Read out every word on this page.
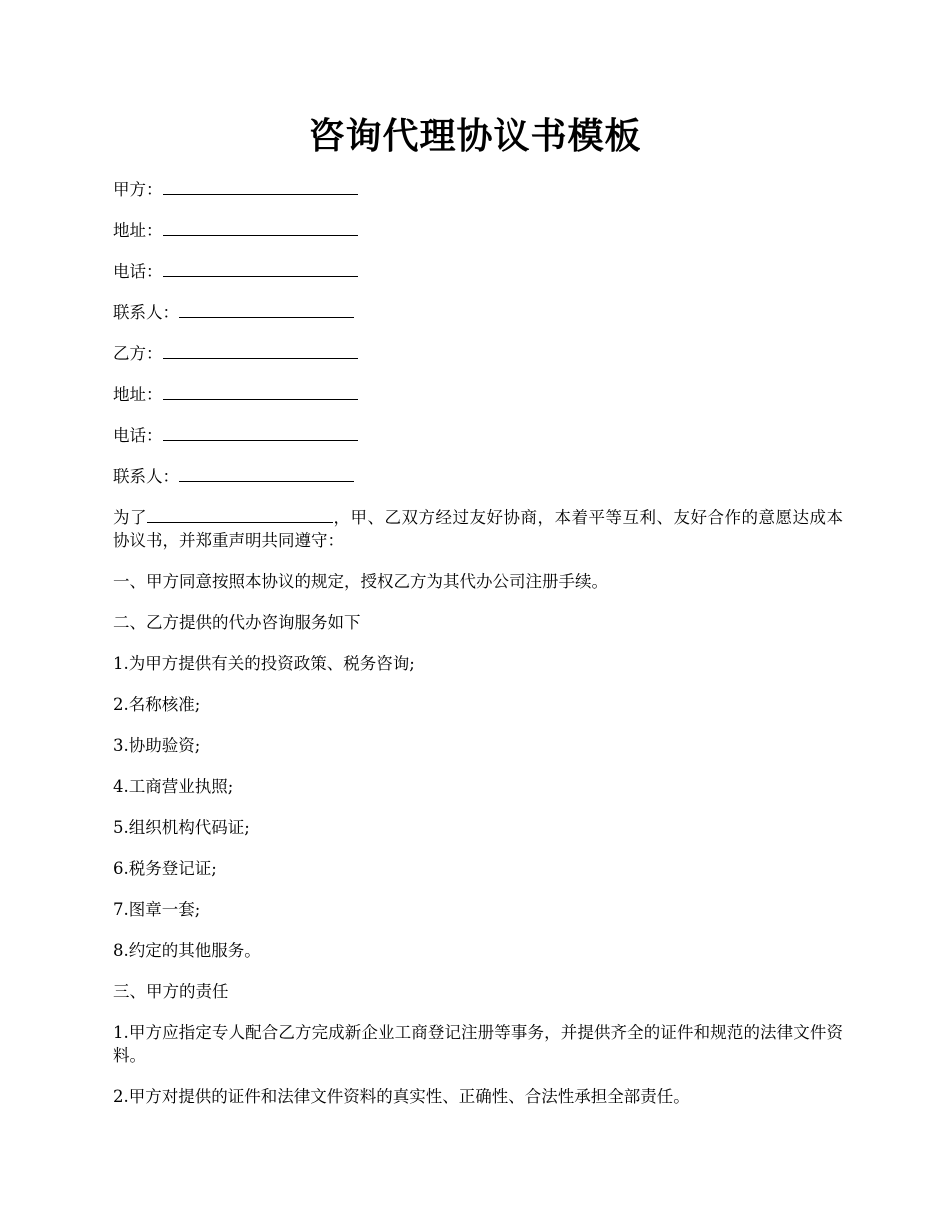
咨询代理协议书模板
甲方：
地址：
电话：
联系人：
乙方：
地址：
电话：
联系人：
为了	，甲、乙双方经过友好协商，本着平等互利、友好合作的意愿达成本协议书，并郑重声明共同遵守：
一、甲方同意按照本协议的规定，授权乙方为其代办公司注册手续。
二、乙方提供的代办咨询服务如下
1.为甲方提供有关的投资政策、税务咨询;
2.名称核准;
3.协助验资;
4.工商营业执照;
5.组织机构代码证;
6.税务登记证;
7.图章一套;
8.约定的其他服务。
三、甲方的责任
1.甲方应指定专人配合乙方完成新企业工商登记注册等事务，并提供齐全的证件和规范的法律文件资料。
2.甲方对提供的证件和法律文件资料的真实性、正确性、合法性承担全部责任。
